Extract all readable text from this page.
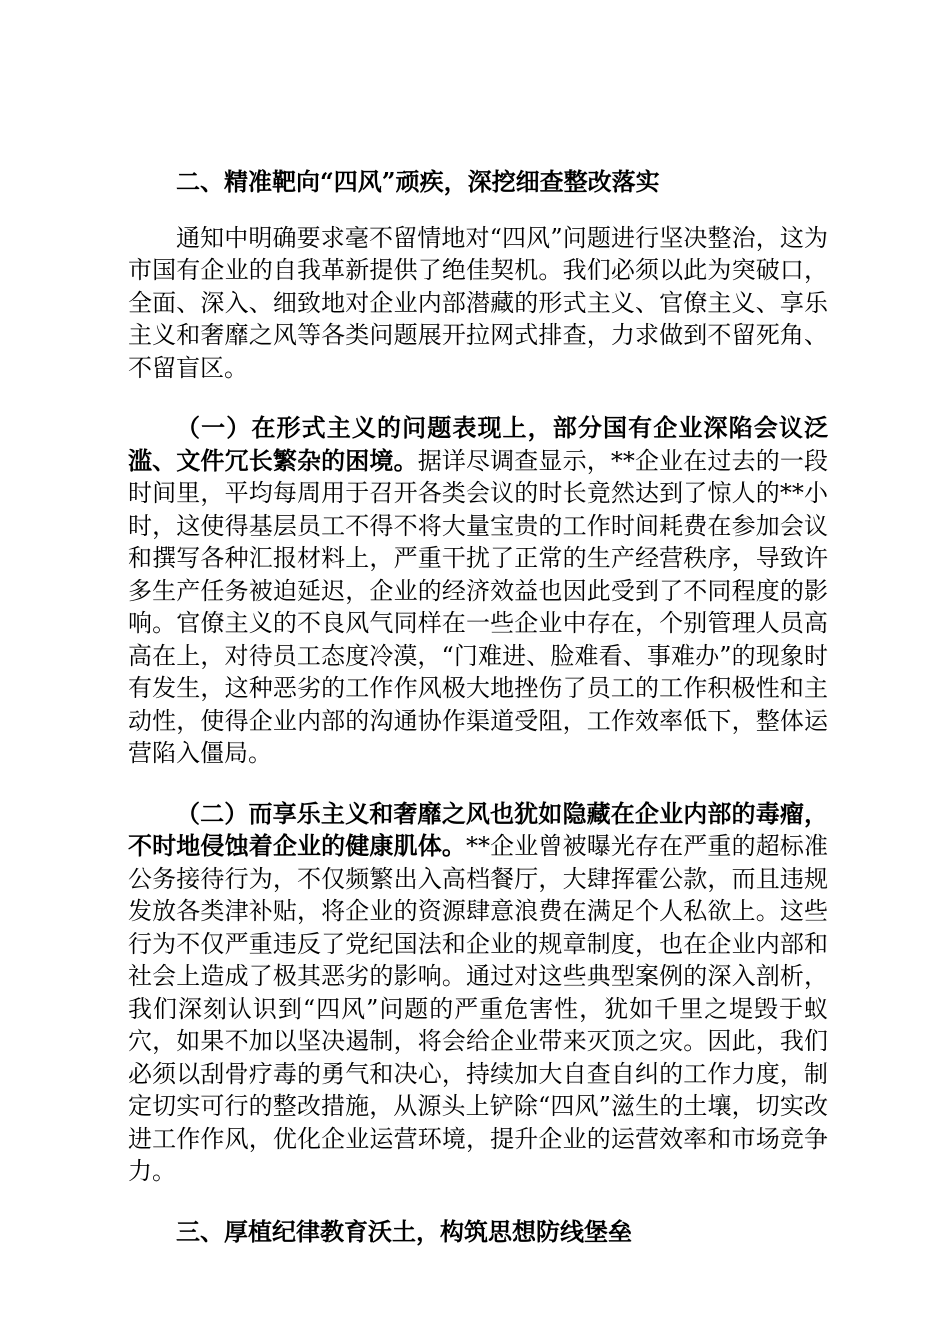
二、精准靶向“四风”顽疾，深挖细查整改落实

通知中明确要求毫不留情地对“四风”问题进行坚决整治，这为市国有企业的自我革新提供了绝佳契机。我们必须以此为突破口，全面、深入、细致地对企业内部潜藏的形式主义、官僚主义、享乐主义和奢靡之风等各类问题展开拉网式排查，力求做到不留死角、不留盲区。

（一）在形式主义的问题表现上，部分国有企业深陷会议泛滥、文件冗长繁杂的困境。据详尽调查显示，**企业在过去的一段时间里，平均每周用于召开各类会议的时长竟然达到了惊人的**小时，这使得基层员工不得不将大量宝贵的工作时间耗费在参加会议和撰写各种汇报材料上，严重干扰了正常的生产经营秩序，导致许多生产任务被迫延迟，企业的经济效益也因此受到了不同程度的影响。官僚主义的不良风气同样在一些企业中存在，个别管理人员高高在上，对待员工态度冷漠，“门难进、脸难看、事难办”的现象时有发生，这种恶劣的工作作风极大地挫伤了员工的工作积极性和主动性，使得企业内部的沟通协作渠道受阻，工作效率低下，整体运营陷入僵局。

（二）而享乐主义和奢靡之风也犹如隐藏在企业内部的毒瘤，不时地侵蚀着企业的健康肌体。**企业曾被曝光存在严重的超标准公务接待行为，不仅频繁出入高档餐厅，大肆挥霍公款，而且违规发放各类津补贴，将企业的资源肆意浪费在满足个人私欲上。这些行为不仅严重违反了党纪国法和企业的规章制度，也在企业内部和社会上造成了极其恶劣的影响。通过对这些典型案例的深入剖析，我们深刻认识到“四风”问题的严重危害性，犹如千里之堤毁于蚁穴，如果不加以坚决遏制，将会给企业带来灭顶之灾。因此，我们必须以刮骨疗毒的勇气和决心，持续加大自查自纠的工作力度，制定切实可行的整改措施，从源头上铲除“四风”滋生的土壤，切实改进工作作风，优化企业运营环境，提升企业的运营效率和市场竞争力。

三、厚植纪律教育沃土，构筑思想防线堡垒
